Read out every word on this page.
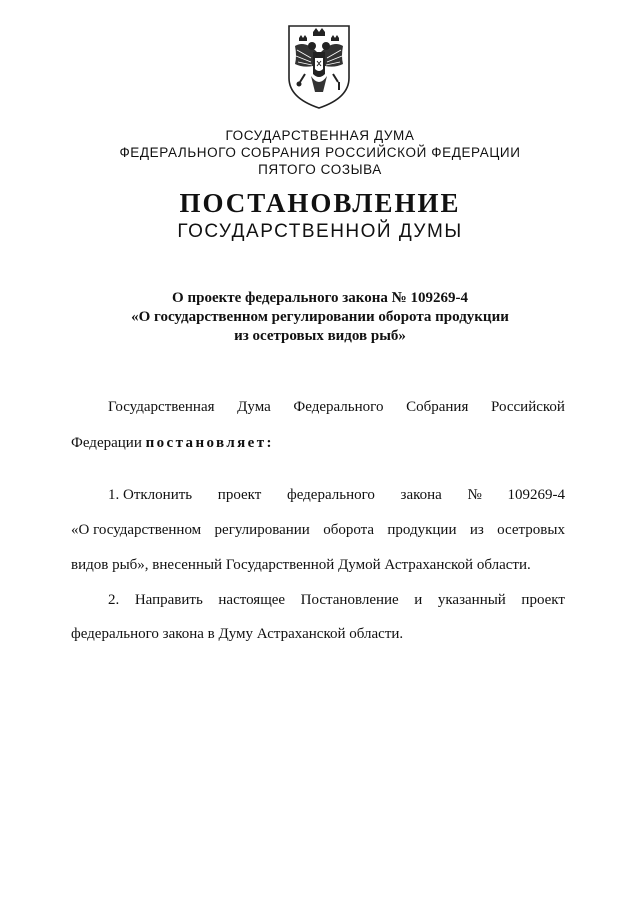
ГОСУДАРСТВЕННАЯ ДУМА
ФЕДЕРАЛЬНОГО СОБРАНИЯ РОССИЙСКОЙ ФЕДЕРАЦИИ
ПЯТОГО СОЗЫВА
ПОСТАНОВЛЕНИЕ
ГОСУДАРСТВЕННОЙ ДУМЫ
О проекте федерального закона № 109269-4
«О государственном регулировании оборота продукции
из осетровых видов рыб»
Государственная Дума Федерального Собрания Российской
Федерации постановляет:
1. Отклонить проект федерального закона № 109269-4
«О государственном регулировании оборота продукции из осетровых
видов рыб», внесенный Государственной Думой Астраханской области.
2. Направить настоящее Постановление и указанный проект
федерального закона в Думу Астраханской области.
